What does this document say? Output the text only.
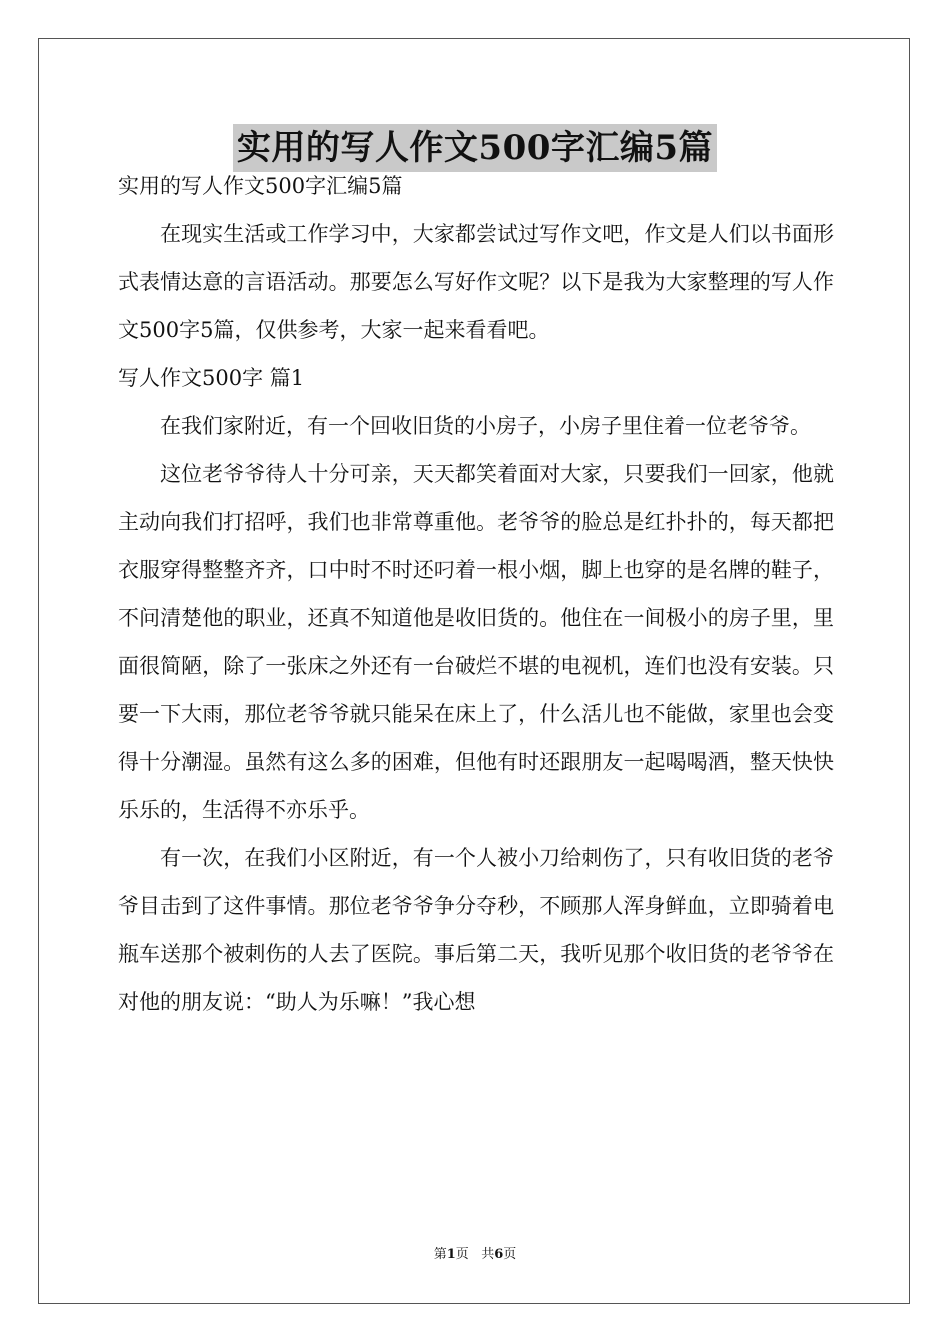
实用的写人作文500字汇编5篇
实用的写人作文500字汇编5篇
在现实生活或工作学习中，大家都尝试过写作文吧，作文是人们以书面形式表情达意的言语活动。那要怎么写好作文呢？以下是我为大家整理的写人作文500字5篇，仅供参考，大家一起来看看吧。
写人作文500字 篇1
在我们家附近，有一个回收旧货的小房子，小房子里住着一位老爷爷。
这位老爷爷待人十分可亲，天天都笑着面对大家，只要我们一回家，他就主动向我们打招呼，我们也非常尊重他。老爷爷的脸总是红扑扑的，每天都把衣服穿得整整齐齐，口中时不时还叼着一根小烟，脚上也穿的是名牌的鞋子，不问清楚他的职业，还真不知道他是收旧货的。他住在一间极小的房子里，里面很简陋，除了一张床之外还有一台破烂不堪的电视机，连们也没有安装。只要一下大雨，那位老爷爷就只能呆在床上了，什么活儿也不能做，家里也会变得十分潮湿。虽然有这么多的困难，但他有时还跟朋友一起喝喝酒，整天快快乐乐的，生活得不亦乐乎。
有一次，在我们小区附近，有一个人被小刀给刺伤了，只有收旧货的老爷爷目击到了这件事情。那位老爷爷争分夺秒，不顾那人浑身鲜血，立即骑着电瓶车送那个被刺伤的人去了医院。事后第二天，我听见那个收旧货的老爷爷在对他的朋友说：“助人为乐嘛！”我心想
第1页 共6页
